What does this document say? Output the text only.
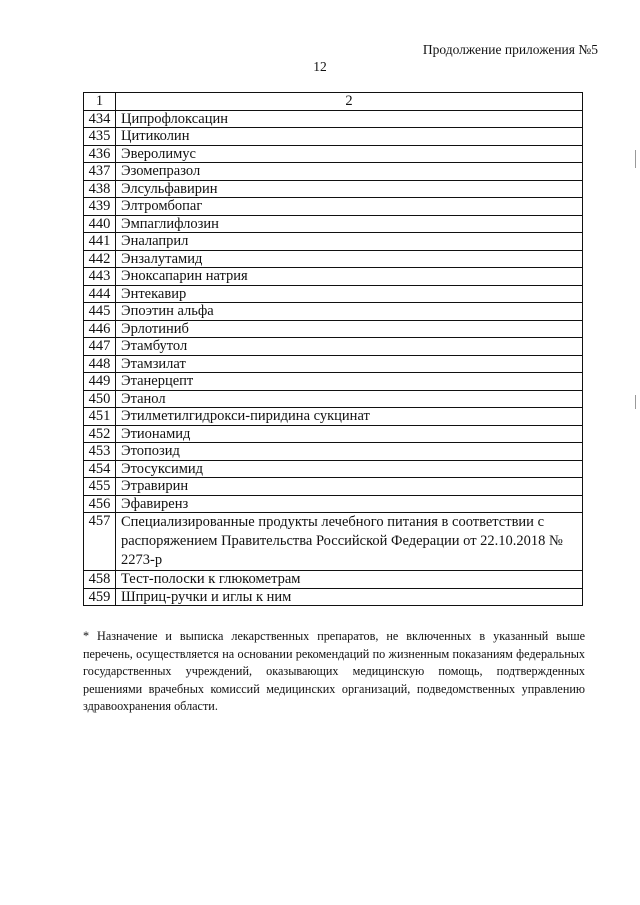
Продолжение приложения №5
12
1	2
434	Ципрофлоксацин
435	Цитиколин
436	Эверолимус
437	Эзомепразол
438	Элсульфавирин
439	Элтромбопаг
440	Эмпаглифлозин
441	Эналаприл
442	Энзалутамид
443	Эноксапарин натрия
444	Энтекавир
445	Эпоэтин альфа
446	Эрлотиниб
447	Этамбутол
448	Этамзилат
449	Этанерцепт
450	Этанол
451	Этилметилгидрокси-пиридина сукцинат
452	Этионамид
453	Этопозид
454	Этосуксимид
455	Этравирин
456	Эфавиренз
457	Специализированные продукты лечебного питания в соответствии с распоряжением Правительства Российской Федерации от 22.10.2018 № 2273-р
458	Тест-полоски к глюкометрам
459	Шприц-ручки и иглы к ним
* Назначение и выписка лекарственных препаратов, не включенных в указанный выше перечень, осуществляется на основании рекомендаций по жизненным показаниям федеральных государственных учреждений, оказывающих медицинскую помощь, подтвержденных решениями врачебных комиссий медицинских организаций, подведомственных управлению здравоохранения области.
